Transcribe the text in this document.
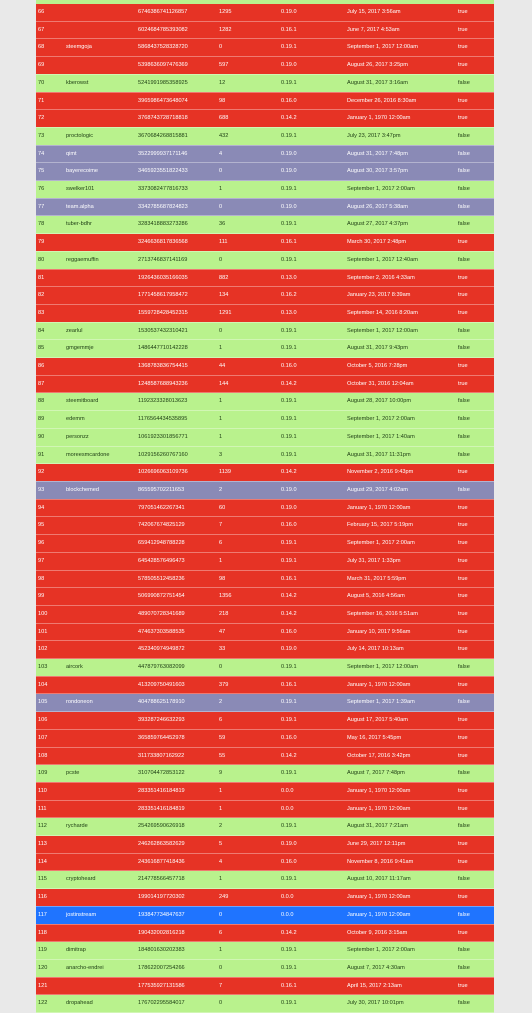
66		6746386741126857	1295	0.19.0	July 15, 2017 3:56am	true
67		6024684785393082	1282	0.16.1	June 7, 2017 4:53am	true
68	steemgoja	5868437528328720	0	0.19.1	September 1, 2017 12:00am	true
69		5398636097476369	597	0.19.0	August 26, 2017 3:25pm	true
70	kberowst	5241991985358925	12	0.19.1	August 31, 2017 3:16am	false
71		3965986473648074	98	0.16.0	December 26, 2016 8:30am	true
72		3768743728718818	688	0.14.2	January 1, 1970 12:00am	true
73	proctologic	3670684268815881	432	0.19.1	July 23, 2017 3:47pm	false
74	qimt	3522999937171146	4	0.19.0	August 31, 2017 7:48pm	false
75	bayerecoime	3465923551822433	0	0.19.0	August 30, 2017 3:57pm	false
76	swelker101	3373082477816733	1	0.19.1	September 1, 2017 2:00am	false
77	team.alpha	3342785687824823	0	0.19.0	August 26, 2017 5:38am	false
78	tuber-bdhr	3283418883273286	36	0.19.1	August 27, 2017 4:37pm	false
79		3246636817836568	111	0.16.1	March 30, 2017 2:48pm	true
80	reggaemuffin	2713746837141169	0	0.19.1	September 1, 2017 12:40am	false
81		1926436035166035	882	0.13.0	September 2, 2016 4:33am	true
82		1771458617958472	134	0.16.2	January 23, 2017 8:39am	true
83		1559728428452315	1291	0.13.0	September 14, 2016 8:20am	true
84	zearlul	1530537432310421	0	0.19.1	September 1, 2017 12:00am	false
85	gmgemmje	1486447710142228	1	0.19.1	August 31, 2017 9:43pm	false
86		1368783836754415	44	0.16.0	October 5, 2016 7:28pm	true
87		1248587688943236	144	0.14.2	October 31, 2016 12:04am	true
88	steemitboard	1192323328013623	1	0.19.1	August 28, 2017 10:00pm	false
89	edemm	1176564434535895	1	0.19.1	September 1, 2017 2:00am	false
90	personzz	1061923301856771	1	0.19.1	September 1, 2017 1:40am	false
91	moreesmcardone	1029156260767160	3	0.19.1	August 31, 2017 11:31pm	false
92		1026696063109736	1139	0.14.2	November 2, 2016 9:43pm	true
93	blockchemed	865595702211653	2	0.19.0	August 29, 2017 4:02am	false
94		797051462267341	60	0.19.0	January 1, 1970 12:00am	true
95		742067674825129	7	0.16.0	February 15, 2017 5:19pm	true
96		659412948788228	6	0.19.1	September 1, 2017 2:00am	true
97		645428576496473	1	0.19.1	July 31, 2017 1:33pm	true
98		578505512458236	98	0.16.1	March 31, 2017 5:59pm	true
99		506990872751454	1356	0.14.2	August 5, 2016 4:56am	true
100		489070728341689	218	0.14.2	September 16, 2016 5:51am	true
101		474637303588535	47	0.16.0	January 10, 2017 9:56am	true
102		452340974949872	33	0.19.0	July 14, 2017 10:13am	true
103	aircork	447879763082099	0	0.19.1	September 1, 2017 12:00am	false
104		413209750491603	379	0.16.1	January 1, 1970 12:00am	true
105	rondoneon	404788625178910	2	0.19.1	September 1, 2017 1:39am	false
106		393287246632293	6	0.19.1	August 17, 2017 5:40am	true
107		365859764452978	59	0.16.0	May 16, 2017 5:45pm	true
108		311733807162922	55	0.14.2	October 17, 2016 3:42pm	true
109	pcste	310704472853122	9	0.19.1	August 7, 2017 7:48pm	false
110		283351416184819	1	0.0.0	January 1, 1970 12:00am	true
111		283351416184819	1	0.0.0	January 1, 1970 12:00am	true
112	rycharde	254269590626918	2	0.19.1	August 31, 2017 7:21am	false
113		246262863582629	5	0.19.0	June 29, 2017 12:11pm	true
114		243616877418436	4	0.16.0	November 8, 2016 9:41am	true
115	cryptoheard	214778566457718	1	0.19.1	August 10, 2017 11:17am	false
116		199014197720302	249	0.0.0	January 1, 1970 12:00am	true
117	jostinstream	193847734847637	0	0.0.0	January 1, 1970 12:00am	false
118		190432002816218	6	0.14.2	October 9, 2016 3:15am	true
119	dimitrap	184801630202383	1	0.19.1	September 1, 2017 2:00am	false
120	anarcho-endrei	178622007254266	0	0.19.1	August 7, 2017 4:30am	false
121		177535927131586	7	0.16.1	April 15, 2017 2:13am	true
122	dropahead	176702295584017	0	0.19.1	July 30, 2017 10:01pm	false
